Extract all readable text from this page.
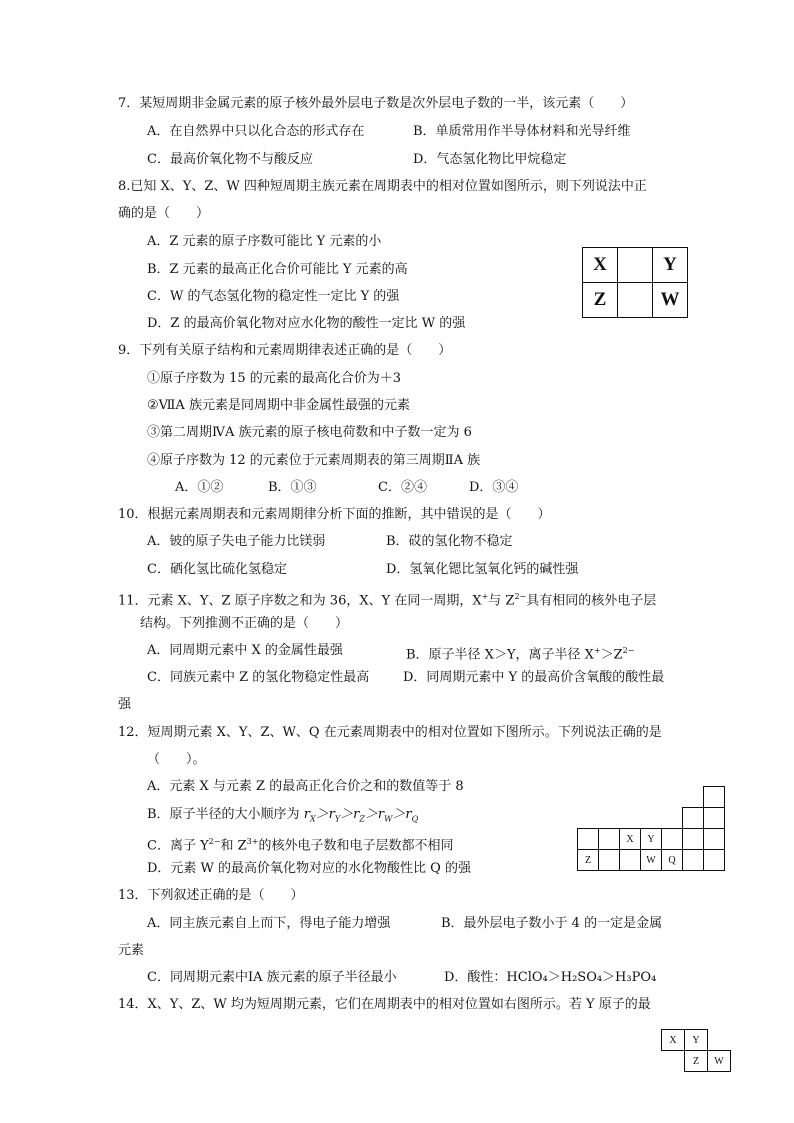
7．某短周期非金属元素的原子核外最外层电子数是次外层电子数的一半，该元素（　　）
A．在自然界中只以化合态的形式存在	B．单质常用作半导体材料和光导纤维
C．最高价氧化物不与酸反应	D．气态氢化物比甲烷稳定
8.已知 X、Y、Z、W 四种短周期主族元素在周期表中的相对位置如图所示，则下列说法中正
确的是（　　）
A．Z 元素的原子序数可能比 Y 元素的小
B．Z 元素的最高正化合价可能比 Y 元素的高
C．W 的气态氢化物的稳定性一定比 Y 的强
D．Z 的最高价氧化物对应水化物的酸性一定比 W 的强
X		Y
Z		W
9．下列有关原子结构和元素周期律表述正确的是（　　）
①原子序数为 15 的元素的最高化合价为＋3
②ⅦA 族元素是同周期中非金属性最强的元素
③第二周期ⅣA 族元素的原子核电荷数和中子数一定为 6
④原子序数为 12 的元素位于元素周期表的第三周期ⅡA 族
A．①②	B．①③	C．②④	D．③④
10．根据元素周期表和元素周期律分析下面的推断，其中错误的是（　　）
A．铍的原子失电子能力比镁弱	B．砹的氢化物不稳定
C．硒化氢比硫化氢稳定	D．氢氧化锶比氢氧化钙的碱性强
11．元素 X、Y、Z 原子序数之和为 36，X、Y 在同一周期，X+与 $Z^{2-}$具有相同的核外电子层
结构。下列推测不正确的是（　　）
A．同周期元素中 X 的金属性最强	B．原子半径 X＞Y，离子半径 $X^+>Z^{2-}$
C．同族元素中 Z 的氢化物稳定性最高	D．同周期元素中 Y 的最高价含氧酸的酸性最
强
12．短周期元素 X、Y、Z、W、Q 在元素周期表中的相对位置如下图所示。下列说法正确的是
（　　）。
A．元素 X 与元素 Z 的最高正化合价之和的数值等于 8
B．原子半径的大小顺序为 $r_X>r_Y>r_Z>r_W>r_Q$
C．离子 $Y^{2-}$和 $Z^{3+}$的核外电子数和电子层数都不相同
D．元素 W 的最高价氧化物对应的水化物酸性比 Q 的强

		X	Y			
Z			W	Q		
13．下列叙述正确的是（　　）
A．同主族元素自上而下，得电子能力增强	B．最外层电子数小于 4 的一定是金属
元素
C．同周期元素中ⅠA 族元素的原子半径最小	D．酸性：HClO₄＞H₂SO₄＞H₃PO₄
14．X、Y、Z、W 均为短周期元素，它们在周期表中的相对位置如右图所示。若 Y 原子的最
X	Y	
	Z	W
